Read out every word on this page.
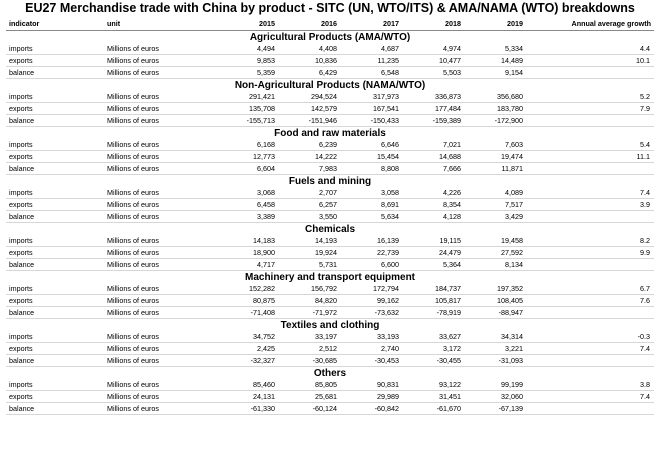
EU27 Merchandise trade with China by product - SITC (UN, WTO/ITS) & AMA/NAMA (WTO) breakdowns
indicator	unit	2015	2016	2017	2018	2019	Annual average growth
Agricultural Products (AMA/WTO)							
imports	Millions of euros	4,494	4,408	4,687	4,974	5,334	4.4
exports	Millions of euros	9,853	10,836	11,235	10,477	14,489	10.1
balance	Millions of euros	5,359	6,429	6,548	5,503	9,154	
Non-Agricultural Products (NAMA/WTO)							
imports	Millions of euros	291,421	294,524	317,973	336,873	356,680	5.2
exports	Millions of euros	135,708	142,579	167,541	177,484	183,780	7.9
balance	Millions of euros	-155,713	-151,946	-150,433	-159,389	-172,900	
Food and raw materials							
imports	Millions of euros	6,168	6,239	6,646	7,021	7,603	5.4
exports	Millions of euros	12,773	14,222	15,454	14,688	19,474	11.1
balance	Millions of euros	6,604	7,983	8,808	7,666	11,871	
Fuels and mining							
imports	Millions of euros	3,068	2,707	3,058	4,226	4,089	7.4
exports	Millions of euros	6,458	6,257	8,691	8,354	7,517	3.9
balance	Millions of euros	3,389	3,550	5,634	4,128	3,429	
Chemicals							
imports	Millions of euros	14,183	14,193	16,139	19,115	19,458	8.2
exports	Millions of euros	18,900	19,924	22,739	24,479	27,592	9.9
balance	Millions of euros	4,717	5,731	6,600	5,364	8,134	
Machinery and transport equipment							
imports	Millions of euros	152,282	156,792	172,794	184,737	197,352	6.7
exports	Millions of euros	80,875	84,820	99,162	105,817	108,405	7.6
balance	Millions of euros	-71,408	-71,972	-73,632	-78,919	-88,947	
Textiles and clothing							
imports	Millions of euros	34,752	33,197	33,193	33,627	34,314	-0.3
exports	Millions of euros	2,425	2,512	2,740	3,172	3,221	7.4
balance	Millions of euros	-32,327	-30,685	-30,453	-30,455	-31,093	
Others							
imports	Millions of euros	85,460	85,805	90,831	93,122	99,199	3.8
exports	Millions of euros	24,131	25,681	29,989	31,451	32,060	7.4
balance	Millions of euros	-61,330	-60,124	-60,842	-61,670	-67,139	
